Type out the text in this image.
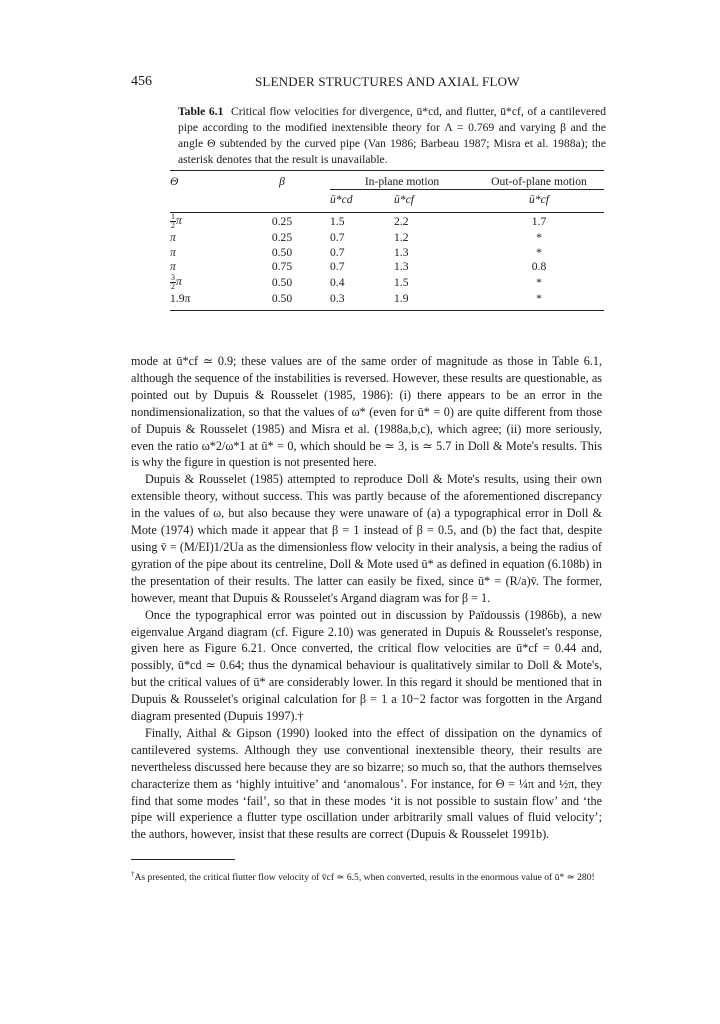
456	SLENDER STRUCTURES AND AXIAL FLOW
Table 6.1 Critical flow velocities for divergence, ū*cd, and flutter, ū*cf, of a cantilevered pipe according to the modified inextensible theory for Λ = 0.769 and varying β and the angle Θ subtended by the curved pipe (Van 1986; Barbeau 1987; Misra et al. 1988a); the asterisk denotes that the result is unavailable.

Θ	β	In-plane motion		Out-of-plane motion
		ū*cd	ū*cf	ū*cf

$\frac{1}{2}$ π	0.25	1.5	2.2	1.7
π	0.25	0.7	1.2	*
π	0.50	0.7	1.3	*
π	0.75	0.7	1.3	0.8

$\frac{3}{2}$ π	0.50	0.4	1.5	*
1.9π	0.50	0.3	1.9	*

mode at ū*cf ≃ 0.9; these values are of the same order of magnitude as those in Table 6.1, although the sequence of the instabilities is reversed. However, these results are questionable, as pointed out by Dupuis & Rousselet (1985, 1986): (i) there appears to be an error in the nondimensionalization, so that the values of ω* (even for ū* = 0) are quite different from those of Dupuis & Rousselet (1985) and Misra et al. (1988a,b,c), which agree; (ii) more seriously, even the ratio ω*2/ω*1 at ū* = 0, which should be ≃ 3, is ≃ 5.7 in Doll & Mote's results. This is why the figure in question is not presented here.

Dupuis & Rousselet (1985) attempted to reproduce Doll & Mote's results, using their own extensible theory, without success. This was partly because of the aforementioned discrepancy in the values of ω, but also because they were unaware of (a) a typographical error in Doll & Mote (1974) which made it appear that β = 1 instead of β = 0.5, and (b) the fact that, despite using v̄ = (M/EI)1/2Ua as the dimensionless flow velocity in their analysis, a being the radius of gyration of the pipe about its centreline, Doll & Mote used ū* as defined in equation (6.108b) in the presentation of their results. The latter can easily be fixed, since ū* = (R/a)v̄. The former, however, meant that Dupuis & Rousselet's Argand diagram was for β = 1.

Once the typographical error was pointed out in discussion by Païdoussis (1986b), a new eigenvalue Argand diagram (cf. Figure 2.10) was generated in Dupuis & Rousselet's response, given here as Figure 6.21. Once converted, the critical flow velocities are ū*cf = 0.44 and, possibly, ū*cd ≃ 0.64; thus the dynamical behaviour is qualitatively similar to Doll & Mote's, but the critical values of ū* are considerably lower. In this regard it should be mentioned that in Dupuis & Rousselet's original calculation for β = 1 a 10−2 factor was forgotten in the Argand diagram presented (Dupuis 1997).†

Finally, Aithal & Gipson (1990) looked into the effect of dissipation on the dynamics of cantilevered systems. Although they use conventional inextensible theory, their results are nevertheless discussed here because they are so bizarre; so much so, that the authors themselves characterize them as ‘highly intuitive’ and ‘anomalous’. For instance, for Θ = ¼π and ½π, they find that some modes ‘fail’, so that in these modes ‘it is not possible to sustain flow’ and ‘the pipe will experience a flutter type oscillation under arbitrarily small values of fluid velocity’; the authors, however, insist that these results are correct (Dupuis & Rousselet 1991b).

†As presented, the critical flutter flow velocity of v̄cf ≃ 6.5, when converted, results in the enormous value of ū* ≃ 280!
